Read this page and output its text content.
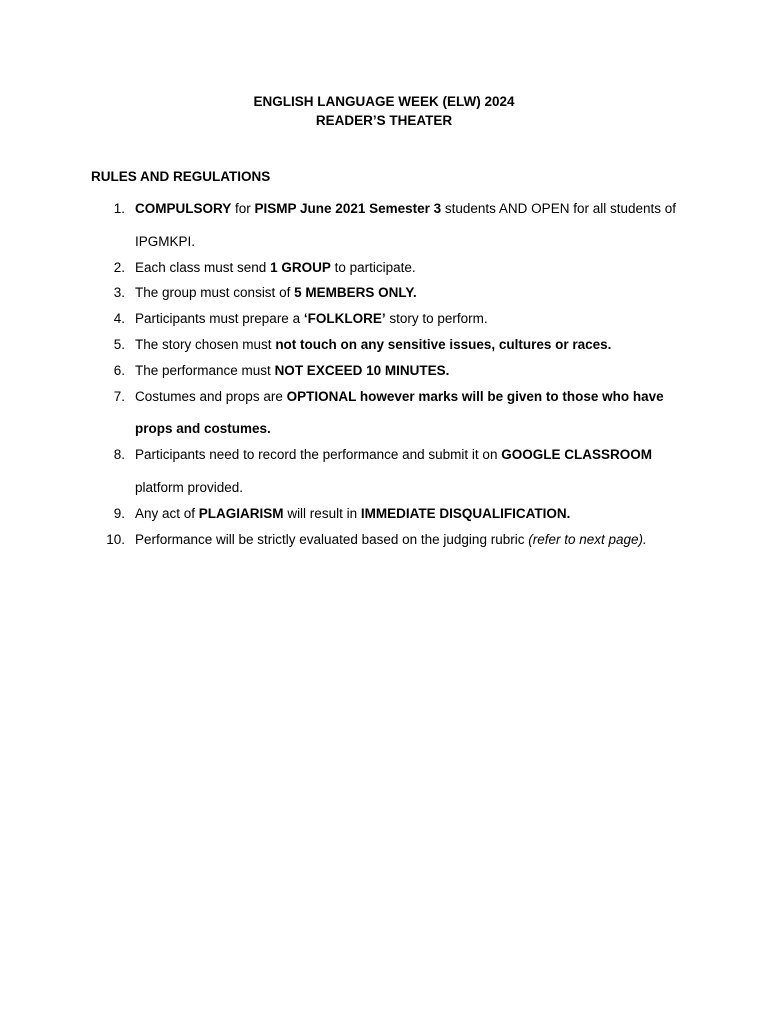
ENGLISH LANGUAGE WEEK (ELW) 2024
READER’S THEATER
RULES AND REGULATIONS
1. COMPULSORY for PISMP June 2021 Semester 3 students AND OPEN for all students of IPGMKPI.
2. Each class must send 1 GROUP to participate.
3. The group must consist of 5 MEMBERS ONLY.
4. Participants must prepare a ‘FOLKLORE’ story to perform.
5. The story chosen must not touch on any sensitive issues, cultures or races.
6. The performance must NOT EXCEED 10 MINUTES.
7. Costumes and props are OPTIONAL however marks will be given to those who have props and costumes.
8. Participants need to record the performance and submit it on GOOGLE CLASSROOM platform provided.
9. Any act of PLAGIARISM will result in IMMEDIATE DISQUALIFICATION.
10. Performance will be strictly evaluated based on the judging rubric (refer to next page).
